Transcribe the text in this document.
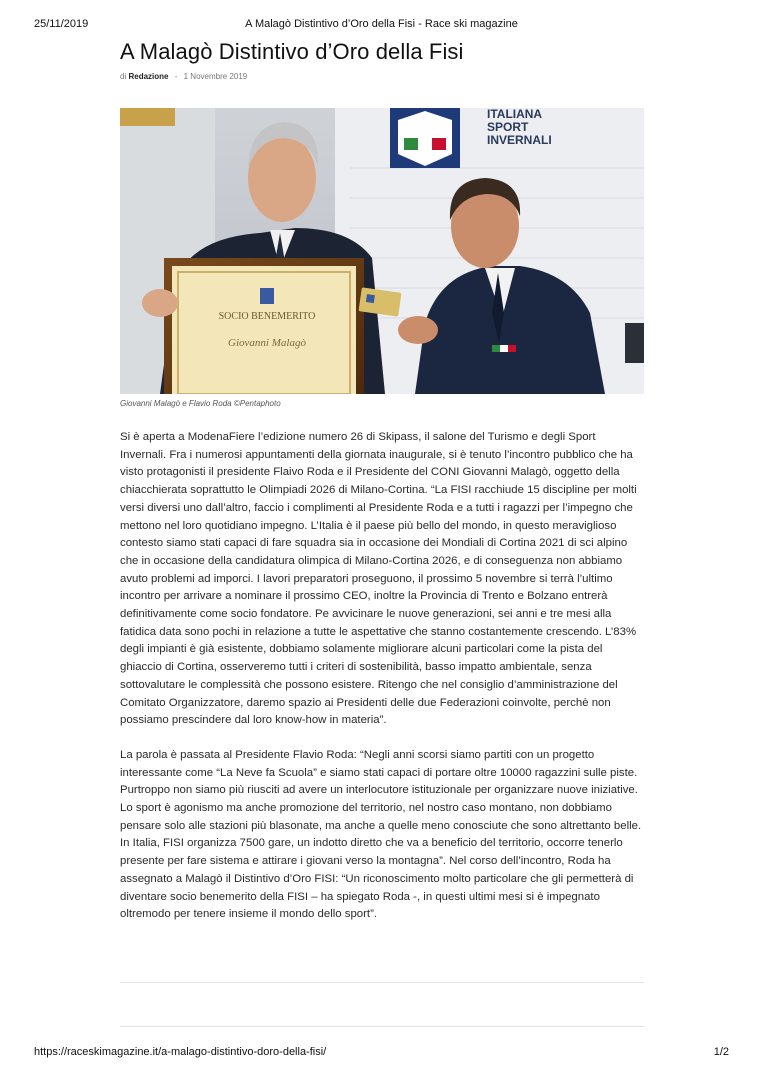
25/11/2019	A Malagò Distintivo d’Oro della Fisi - Race ski magazine
A Malagò Distintivo d’Oro della Fisi
di Redazione - 1 Novembre 2019
ITALIANA
SPORT
INVERNALI
SOCIO BENEMERITO
Giovanni Malagò
Giovanni Malagò e Flavio Roda ©Pentaphoto

Si è aperta a ModenaFiere l’edizione numero 26 di Skipass, il salone del Turismo e degli Sport Invernali. Fra i numerosi appuntamenti della giornata inaugurale, si è tenuto l’incontro pubblico che ha visto protagonisti il presidente Flaivo Roda e il Presidente del CONI Giovanni Malagò, oggetto della chiacchierata soprattutto le Olimpiadi 2026 di Milano-Cortina. “La FISI racchiude 15 discipline per molti versi diversi uno dall’altro, faccio i complimenti al Presidente Roda e a tutti i ragazzi per l’impegno che mettono nel loro quotidiano impegno. L’Italia è il paese più bello del mondo, in questo meraviglioso contesto siamo stati capaci di fare squadra sia in occasione dei Mondiali di Cortina 2021 di sci alpino che in occasione della candidatura olimpica di Milano-Cortina 2026, e di conseguenza non abbiamo avuto problemi ad imporci. I lavori preparatori proseguono, il prossimo 5 novembre si terrà l’ultimo incontro per arrivare a nominare il prossimo CEO, inoltre la Provincia di Trento e Bolzano entrerà definitivamente come socio fondatore. Pe avvicinare le nuove generazioni, sei anni e tre mesi alla fatidica data sono pochi in relazione a tutte le aspettative che stanno costantemente crescendo. L’83% degli impianti è già esistente, dobbiamo solamente migliorare alcuni particolari come la pista del ghiaccio di Cortina, osserveremo tutti i criteri di sostenibilità, basso impatto ambientale, senza sottovalutare le complessità che possono esistere. Ritengo che nel consiglio d’amministrazione del Comitato Organizzatore, daremo spazio ai Presidenti delle due Federazioni coinvolte, perchè non possiamo prescindere dal loro know-how in materia”.

La parola è passata al Presidente Flavio Roda: “Negli anni scorsi siamo partiti con un progetto interessante come “La Neve fa Scuola” e siamo stati capaci di portare oltre 10000 ragazzini sulle piste. Purtroppo non siamo più riusciti ad avere un interlocutore istituzionale per organizzare nuove iniziative. Lo sport è agonismo ma anche promozione del territorio, nel nostro caso montano, non dobbiamo pensare solo alle stazioni più blasonate, ma anche a quelle meno conosciute che sono altrettanto belle. In Italia, FISI organizza 7500 gare, un indotto diretto che va a beneficio del territorio, occorre tenerlo presente per fare sistema e attirare i giovani verso la montagna”. Nel corso dell’incontro, Roda ha assegnato a Malagò il Distintivo d’Oro FISI: “Un riconoscimento molto particolare che gli permetterà di diventare socio benemerito della FISI – ha spiegato Roda -, in questi ultimi mesi si è impegnato oltremodo per tenere insieme il mondo dello sport”.

https://raceskimagazine.it/a-malago-distintivo-doro-della-fisi/	1/2
